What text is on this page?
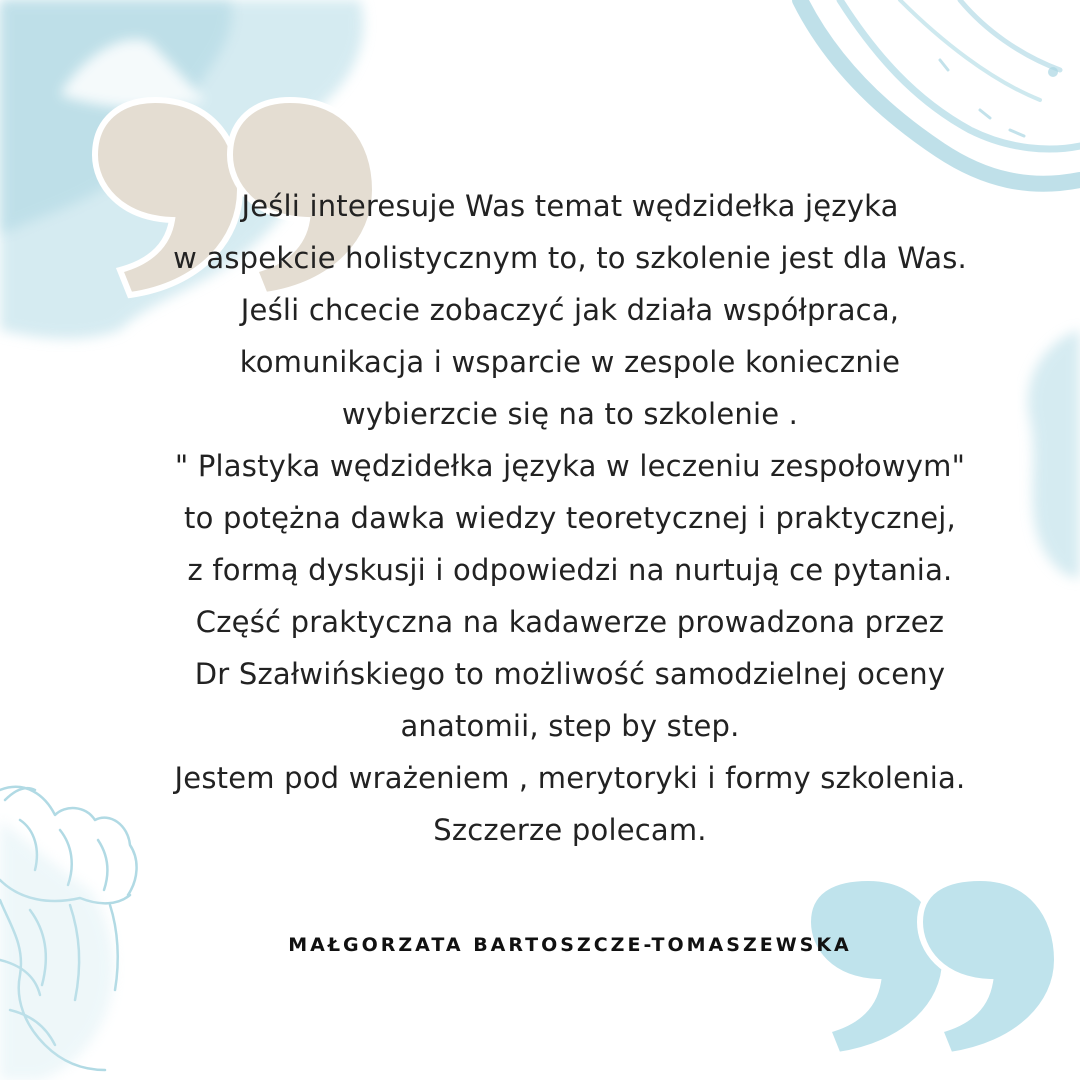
Jeśli interesuje Was temat wędzidełka języka
w aspekcie holistycznym to, to szkolenie jest dla Was.
Jeśli chcecie zobaczyć jak działa współpraca,
komunikacja i wsparcie w zespole koniecznie
wybierzcie się na to szkolenie .
" Plastyka wędzidełka języka w leczeniu zespołowym"
to potężna dawka wiedzy teoretycznej i praktycznej,
z formą dyskusji i odpowiedzi na nurtują ce pytania.
Część praktyczna na kadawerze prowadzona przez
Dr Szałwińskiego to możliwość samodzielnej oceny
anatomii, step by step.
Jestem pod wrażeniem , merytoryki i formy szkolenia.
Szczerze polecam.

MAŁGORZATA BARTOSZCZE-TOMASZEWSKA
